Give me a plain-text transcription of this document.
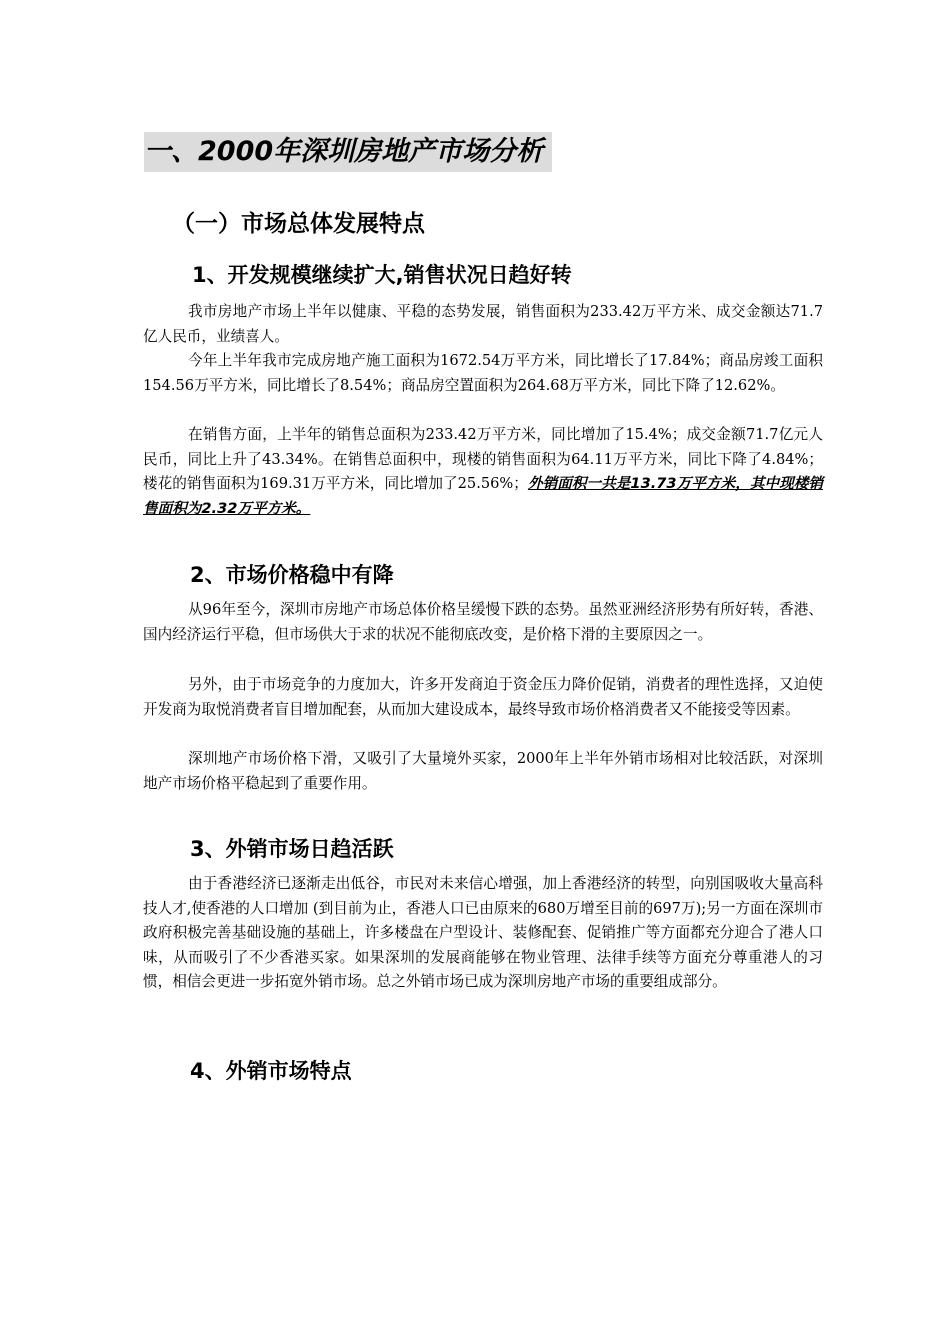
一、2000年深圳房地产市场分析
（一）市场总体发展特点
1、开发规模继续扩大,销售状况日趋好转

我市房地产市场上半年以健康、平稳的态势发展，销售面积为233.42万平方米、成交金额达71.7亿人民币，业绩喜人。

今年上半年我市完成房地产施工面积为1672.54万平方米，同比增长了17.84%；商品房竣工面积154.56万平方米，同比增长了8.54%；商品房空置面积为264.68万平方米，同比下降了12.62%。

在销售方面，上半年的销售总面积为233.42万平方米，同比增加了15.4%；成交金额71.7亿元人民币，同比上升了43.34%。在销售总面积中，现楼的销售面积为64.11万平方米，同比下降了4.84%；楼花的销售面积为169.31万平方米，同比增加了25.56%；外销面积一共是13.73万平方米，其中现楼销售面积为2.32万平方米。

2、市场价格稳中有降

从96年至今，深圳市房地产市场总体价格呈缓慢下跌的态势。虽然亚洲经济形势有所好转，香港、国内经济运行平稳，但市场供大于求的状况不能彻底改变，是价格下滑的主要原因之一。

另外，由于市场竞争的力度加大，许多开发商迫于资金压力降价促销，消费者的理性选择，又迫使开发商为取悦消费者盲目增加配套，从而加大建设成本，最终导致市场价格消费者又不能接受等因素。

深圳地产市场价格下滑，又吸引了大量境外买家，2000年上半年外销市场相对比较活跃，对深圳地产市场价格平稳起到了重要作用。

3、外销市场日趋活跃

由于香港经济已逐渐走出低谷，市民对未来信心增强，加上香港经济的转型，向别国吸收大量高科技人才,使香港的人口增加 (到目前为止，香港人口已由原来的680万增至目前的697万);另一方面在深圳市政府积极完善基础设施的基础上，许多楼盘在户型设计、装修配套、促销推广等方面都充分迎合了港人口味，从而吸引了不少香港买家。如果深圳的发展商能够在物业管理、法律手续等方面充分尊重港人的习惯，相信会更进一步拓宽外销市场。总之外销市场已成为深圳房地产市场的重要组成部分。

4、外销市场特点
